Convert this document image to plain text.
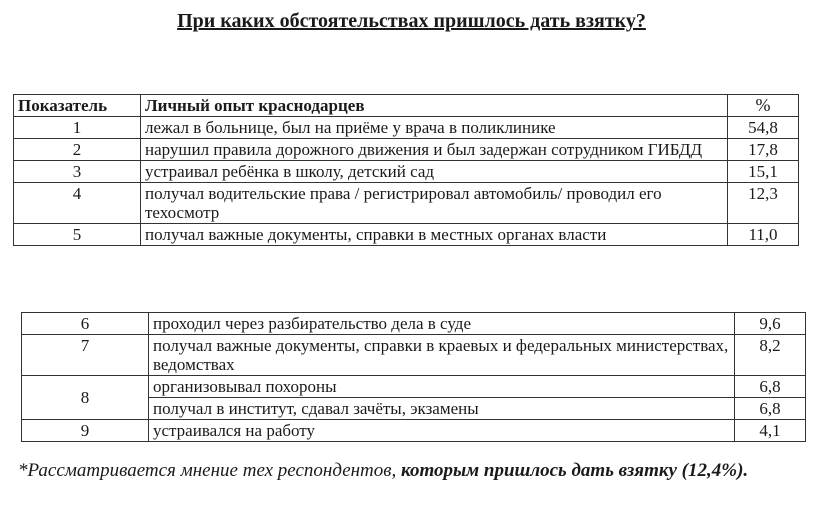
При каких обстоятельствах пришлось дать взятку?
Показатель	Личный опыт краснодарцев	%
1	лежал в больнице, был на приёме у врача в поликлинике	54,8
2	нарушил правила дорожного движения и был задержан сотрудником ГИБДД	17,8
3	устраивал ребёнка в школу, детский сад	15,1
4	получал водительские права / регистрировал автомобиль/ проводил его техосмотр	12,3
5	получал важные документы, справки в местных органах власти	11,0
6	проходил через разбирательство дела в суде	9,6
7	получал важные документы, справки в краевых и федеральных министерствах, ведомствах	8,2
8	организовывал похороны	6,8
	получал в институт, сдавал зачёты, экзамены	6,8
9	устраивался на работу	4,1
*Рассматривается мнение тех респондентов, которым пришлось дать взятку (12,4%).
